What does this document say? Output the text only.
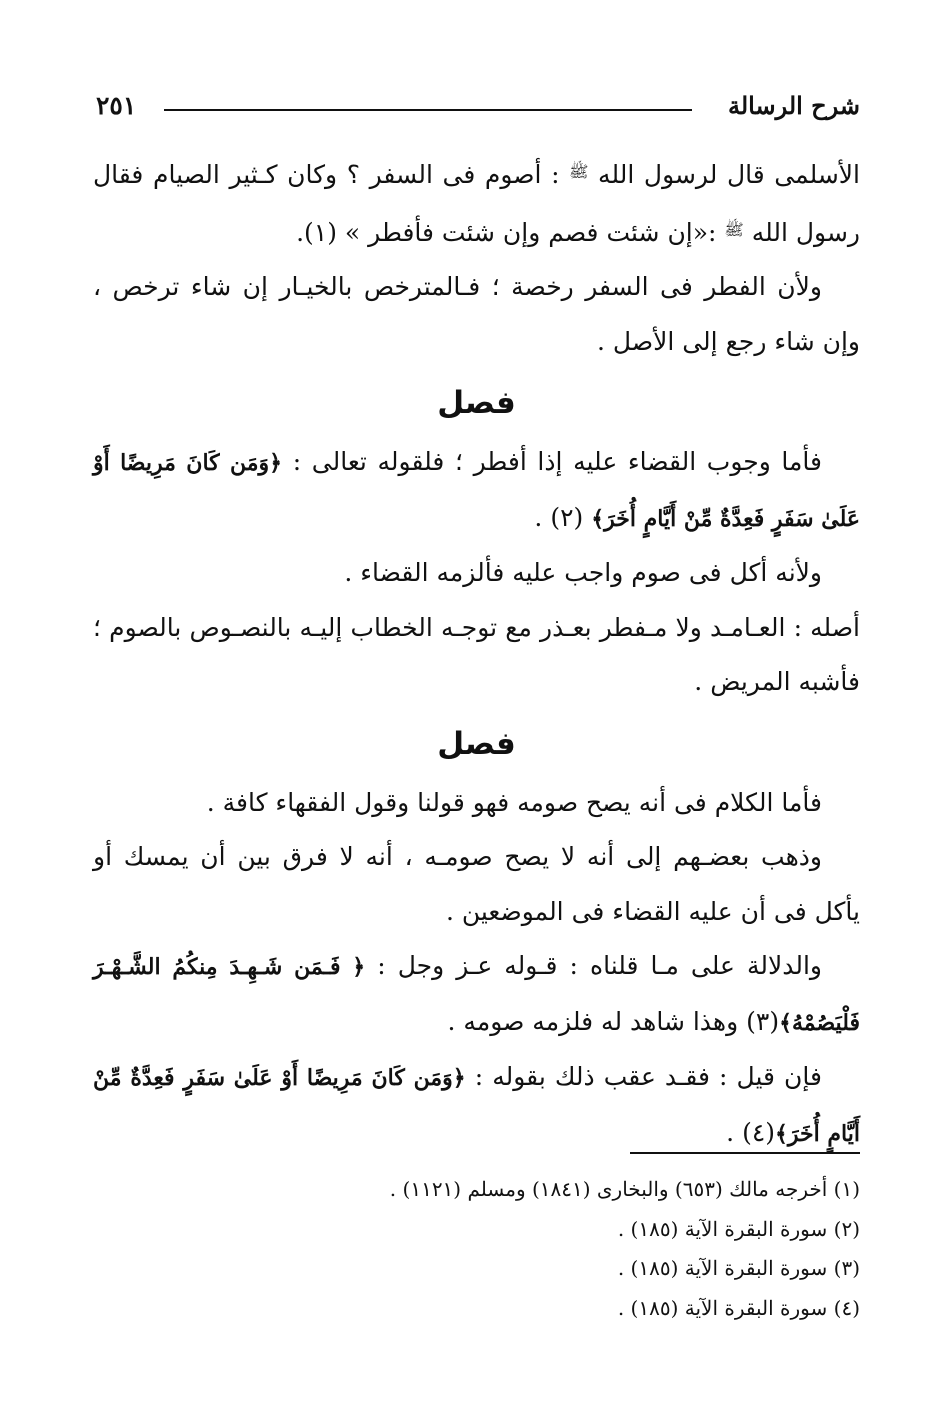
شرح الرسالة
٢٥١

الأسلمى قال لرسول الله $^ﷺ$ : أصوم فى السفر ؟ وكان كـثير الصيام فقال رسول الله $^ﷺ$ :«إن شئت فصم وإن شئت فأفطر » (١).

ولأن الفطر فى السفر رخصة ؛ فـالمترخص بالخيـار إن شاء ترخص ، وإن شاء رجع إلى الأصل .

فصل

فأما وجوب القضاء عليه إذا أفطر ؛ فلقوله تعالى : ﴿وَمَن كَانَ مَرِيضًا أَوْ عَلَىٰ سَفَرٍ فَعِدَّةٌ مِّنْ أَيَّامٍ أُخَرَ﴾ (٢) .

ولأنه أكل فى صوم واجب عليه فألزمه القضاء .

أصله : العـامـد ولا مـفطر بعـذر مع توجـه الخطاب إليـه بالنصـوص بالصوم ؛ فأشبه المريض .

فصل

فأما الكلام فى أنه يصح صومه فهو قولنا وقول الفقهاء كافة .

وذهب بعضـهم إلى أنه لا يصح صومـه ، أنه لا فرق بين أن يمسك أو يأكل فى أن عليه القضاء فى الموضعين .

والدلالة على مـا قلناه : قـوله عـز وجل : ﴿ فَـمَن شَـهِـدَ مِنكُمُ الشَّـهْـرَ فَلْيَصُمْهُ﴾(٣) وهذا شاهد له فلزمه صومه .

فإن قيل : فقـد عقب ذلك بقوله : ﴿وَمَن كَانَ مَرِيضًا أَوْ عَلَىٰ سَفَرٍ فَعِدَّةٌ مِّنْ أَيَّامٍ أُخَرَ﴾(٤) .

(١) أخرجه مالك (٦٥٣) والبخارى (١٨٤١) ومسلم (١١٢١) .

(٢) سورة البقرة الآية (١٨٥) .

(٣) سورة البقرة الآية (١٨٥) .

(٤) سورة البقرة الآية (١٨٥) .
